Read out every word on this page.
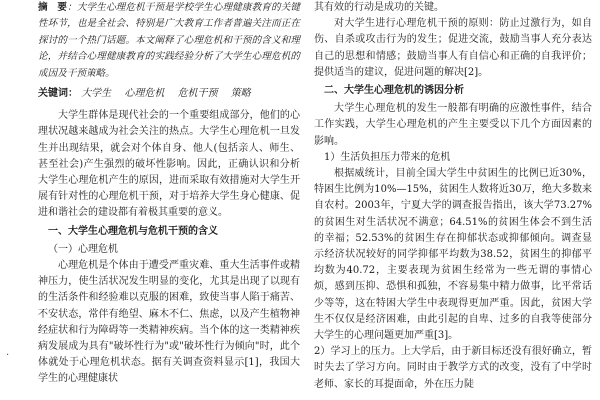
摘　要：大学生心理危机干预是学校学生心理健康教育的关键性环节，也是全社会、特别是广大教育工作者普遍关注而正在探讨的一个热门话题。本文阐释了心理危机和干预的含义和理论，并结合心理健康教育的实践经验分析了大学生心理危机的成因及干预策略。

关键词： 大学生 心理危机 危机干预 策略

大学生群体是现代社会的一个重要组成部分，他们的心理状况越来越成为社会关注的热点。大学生心理危机一旦发生并出现结果，就会对个体自身、他人(包括亲人、师生、甚至社会)产生强烈的破坏性影响。因此，正确认识和分析大学生心理危机产生的原因，进而采取有效措施对大学生开展有针对性的心理危机干预，对于培养大学生身心健康、促进和谐社会的建设都有着极其重要的意义。

一、大学生心理危机与危机干预的含义

（一）心理危机

心理危机是个体由于遭受严重灾难、重大生活事件或精神压力，使生活状况发生明显的变化，尤其是出现了以现有的生活条件和经验难以克服的困难，致使当事人陷于痛苦、不安状态，常伴有绝望、麻木不仁、焦虑，以及产生植物神经症状和行为障碍等一类精神疾病。当个体的这一类精神疾病发展成为具有"破坏性行为"或"破坏性行为倾向"时，此个体就处于心理危机状态。据有关调查资料显示[1]，我国大学生的心理健康状

其有效的行动是成功的关键。

对大学生进行心理危机干预的原则：防止过激行为，如自伤、自杀或攻击行为的发生；促进交流，鼓励当事人充分表达自己的思想和情感；鼓励当事人有自信心和正确的自我评价；提供适当的建议，促进问题的解决[2]。

二、大学生心理危机的诱因分析

大学生心理危机的发生一般都有明确的应激性事件，结合工作实践，大学生心理危机的产生主要受以下几个方面因素的影响。

1）生活负担压力带来的危机

根据威统计，目前全国大学生中贫困生的比例已近30%，特困生比例为10%—15%，贫困生人数将近30万，绝大多数来自农村。2003年，宁夏大学的调查报告指出，该大学73.27%的贫困生对生活状况不满意；64.51%的贫困生体会不到生活的幸福；52.53%的贫困生存在抑郁状态或抑郁倾向。调查显示经济状况较好的同学抑郁平均数为38.52，贫困生的抑郁平均数为40.72，主要表现为贫困生经常为一些无谓的事情心烦，感到压抑、恐惧和孤独，不容易集中精力做事，比平常话少等等，这在特困大学生中表现得更加严重。因此，贫困大学生不仅仅是经济困难，由此引起的自卑、过多的自我等使部分大学生的心理问题更加严重[3]。

2）学习上的压力。

上大学后，由于新目标还没有很好确立，暂时失去了学习方向。同时由于教学方式的改变，没有了中学时老师、家长的耳提面命，外在压力陡
·
